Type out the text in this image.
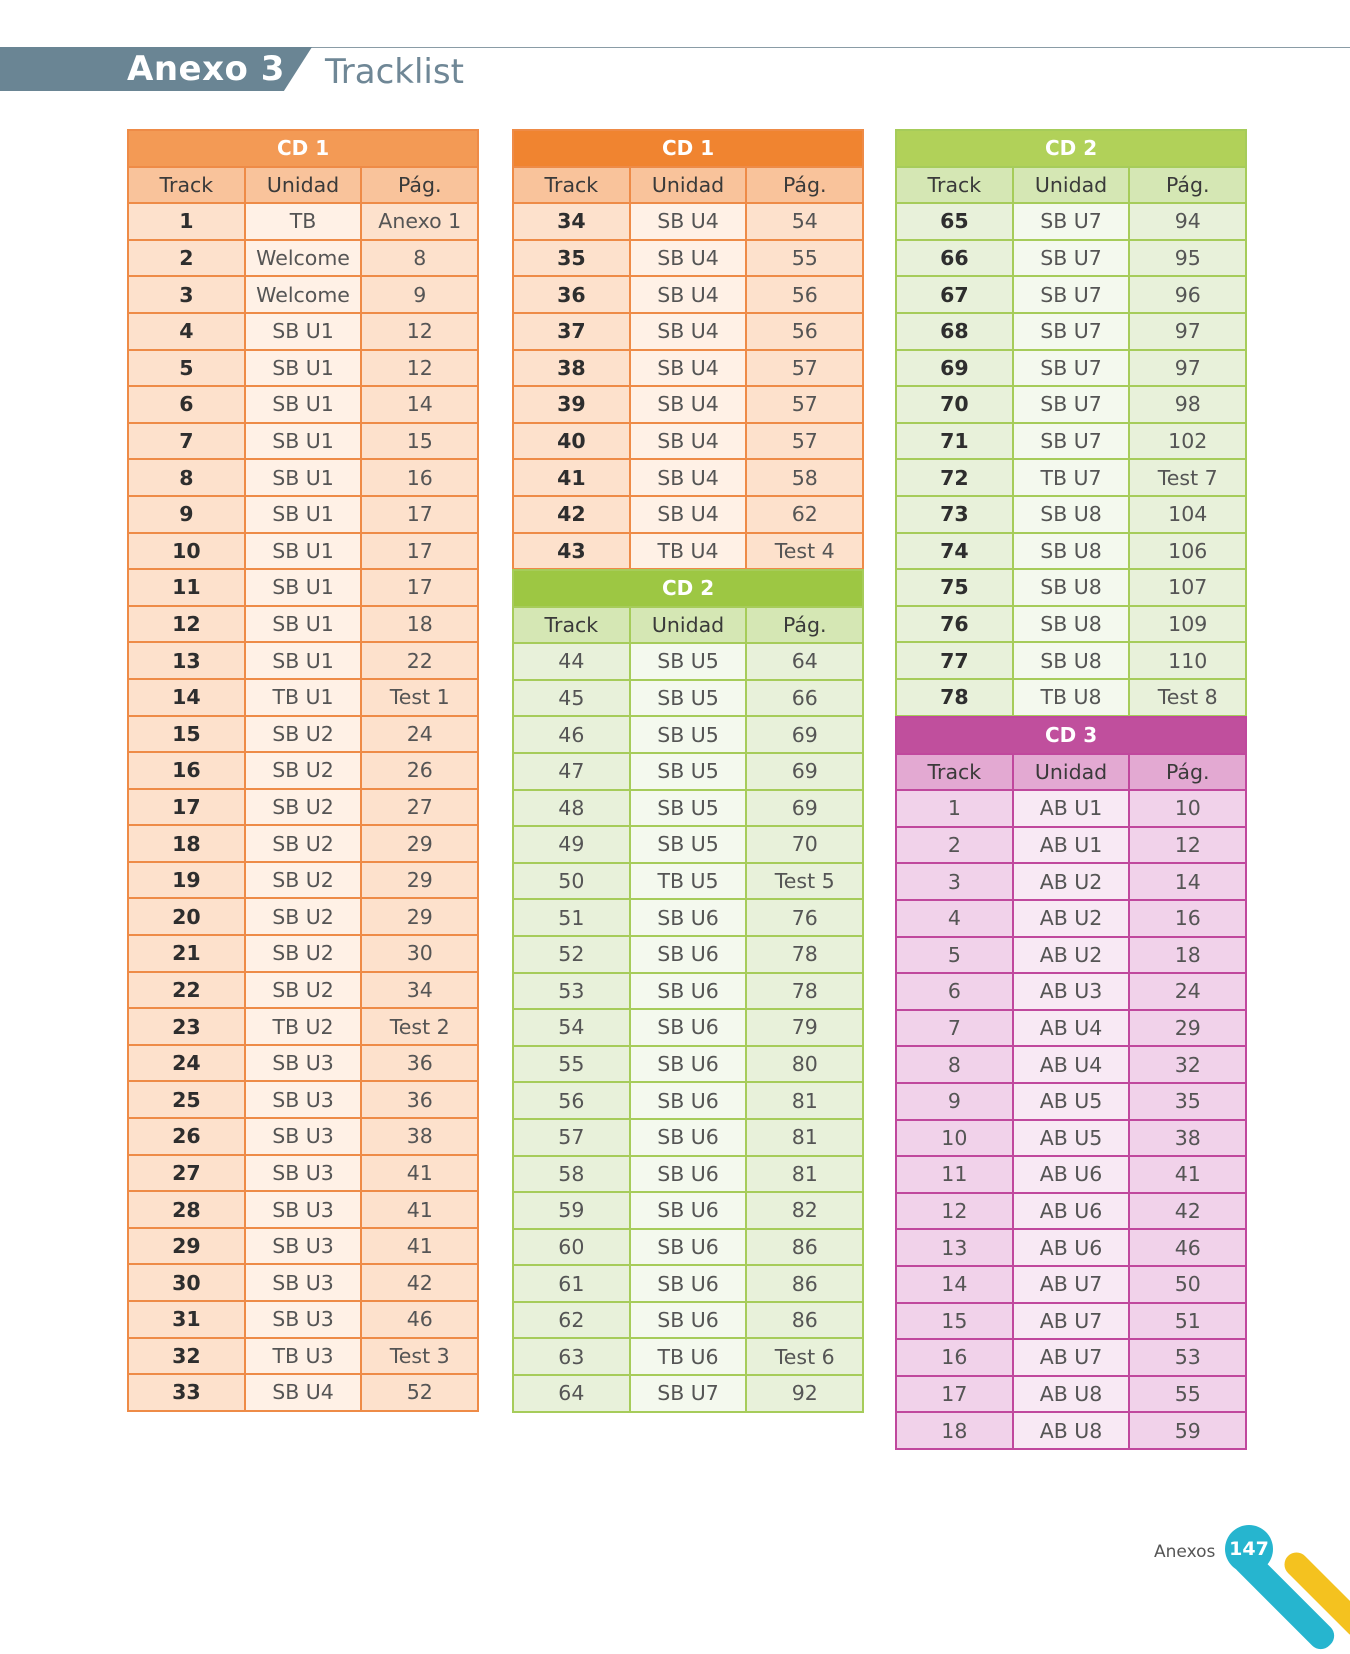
Anexo 3 Tracklist
CD 1		
Track	Unidad	Pág.
1	TB	Anexo 1
2	Welcome	8
3	Welcome	9
4	SB U1	12
5	SB U1	12
6	SB U1	14
7	SB U1	15
8	SB U1	16
9	SB U1	17
10	SB U1	17
11	SB U1	17
12	SB U1	18
13	SB U1	22
14	TB U1	Test 1
15	SB U2	24
16	SB U2	26
17	SB U2	27
18	SB U2	29
19	SB U2	29
20	SB U2	29
21	SB U2	30
22	SB U2	34
23	TB U2	Test 2
24	SB U3	36
25	SB U3	36
26	SB U3	38
27	SB U3	41
28	SB U3	41
29	SB U3	41
30	SB U3	42
31	SB U3	46
32	TB U3	Test 3
33	SB U4	52
CD 1		
Track	Unidad	Pág.
34	SB U4	54
35	SB U4	55
36	SB U4	56
37	SB U4	56
38	SB U4	57
39	SB U4	57
40	SB U4	57
41	SB U4	58
42	SB U4	62
43	TB U4	Test 4
CD 2		
Track	Unidad	Pág.
44	SB U5	64
45	SB U5	66
46	SB U5	69
47	SB U5	69
48	SB U5	69
49	SB U5	70
50	TB U5	Test 5
51	SB U6	76
52	SB U6	78
53	SB U6	78
54	SB U6	79
55	SB U6	80
56	SB U6	81
57	SB U6	81
58	SB U6	81
59	SB U6	82
60	SB U6	86
61	SB U6	86
62	SB U6	86
63	TB U6	Test 6
64	SB U7	92
CD 2		
Track	Unidad	Pág.
65	SB U7	94
66	SB U7	95
67	SB U7	96
68	SB U7	97
69	SB U7	97
70	SB U7	98
71	SB U7	102
72	TB U7	Test 7
73	SB U8	104
74	SB U8	106
75	SB U8	107
76	SB U8	109
77	SB U8	110
78	TB U8	Test 8
CD 3		
Track	Unidad	Pág.
1	AB U1	10
2	AB U1	12
3	AB U2	14
4	AB U2	16
5	AB U2	18
6	AB U3	24
7	AB U4	29
8	AB U4	32
9	AB U5	35
10	AB U5	38
11	AB U6	41
12	AB U6	42
13	AB U6	46
14	AB U7	50
15	AB U7	51
16	AB U7	53
17	AB U8	55
18	AB U8	59
Anexos 147
